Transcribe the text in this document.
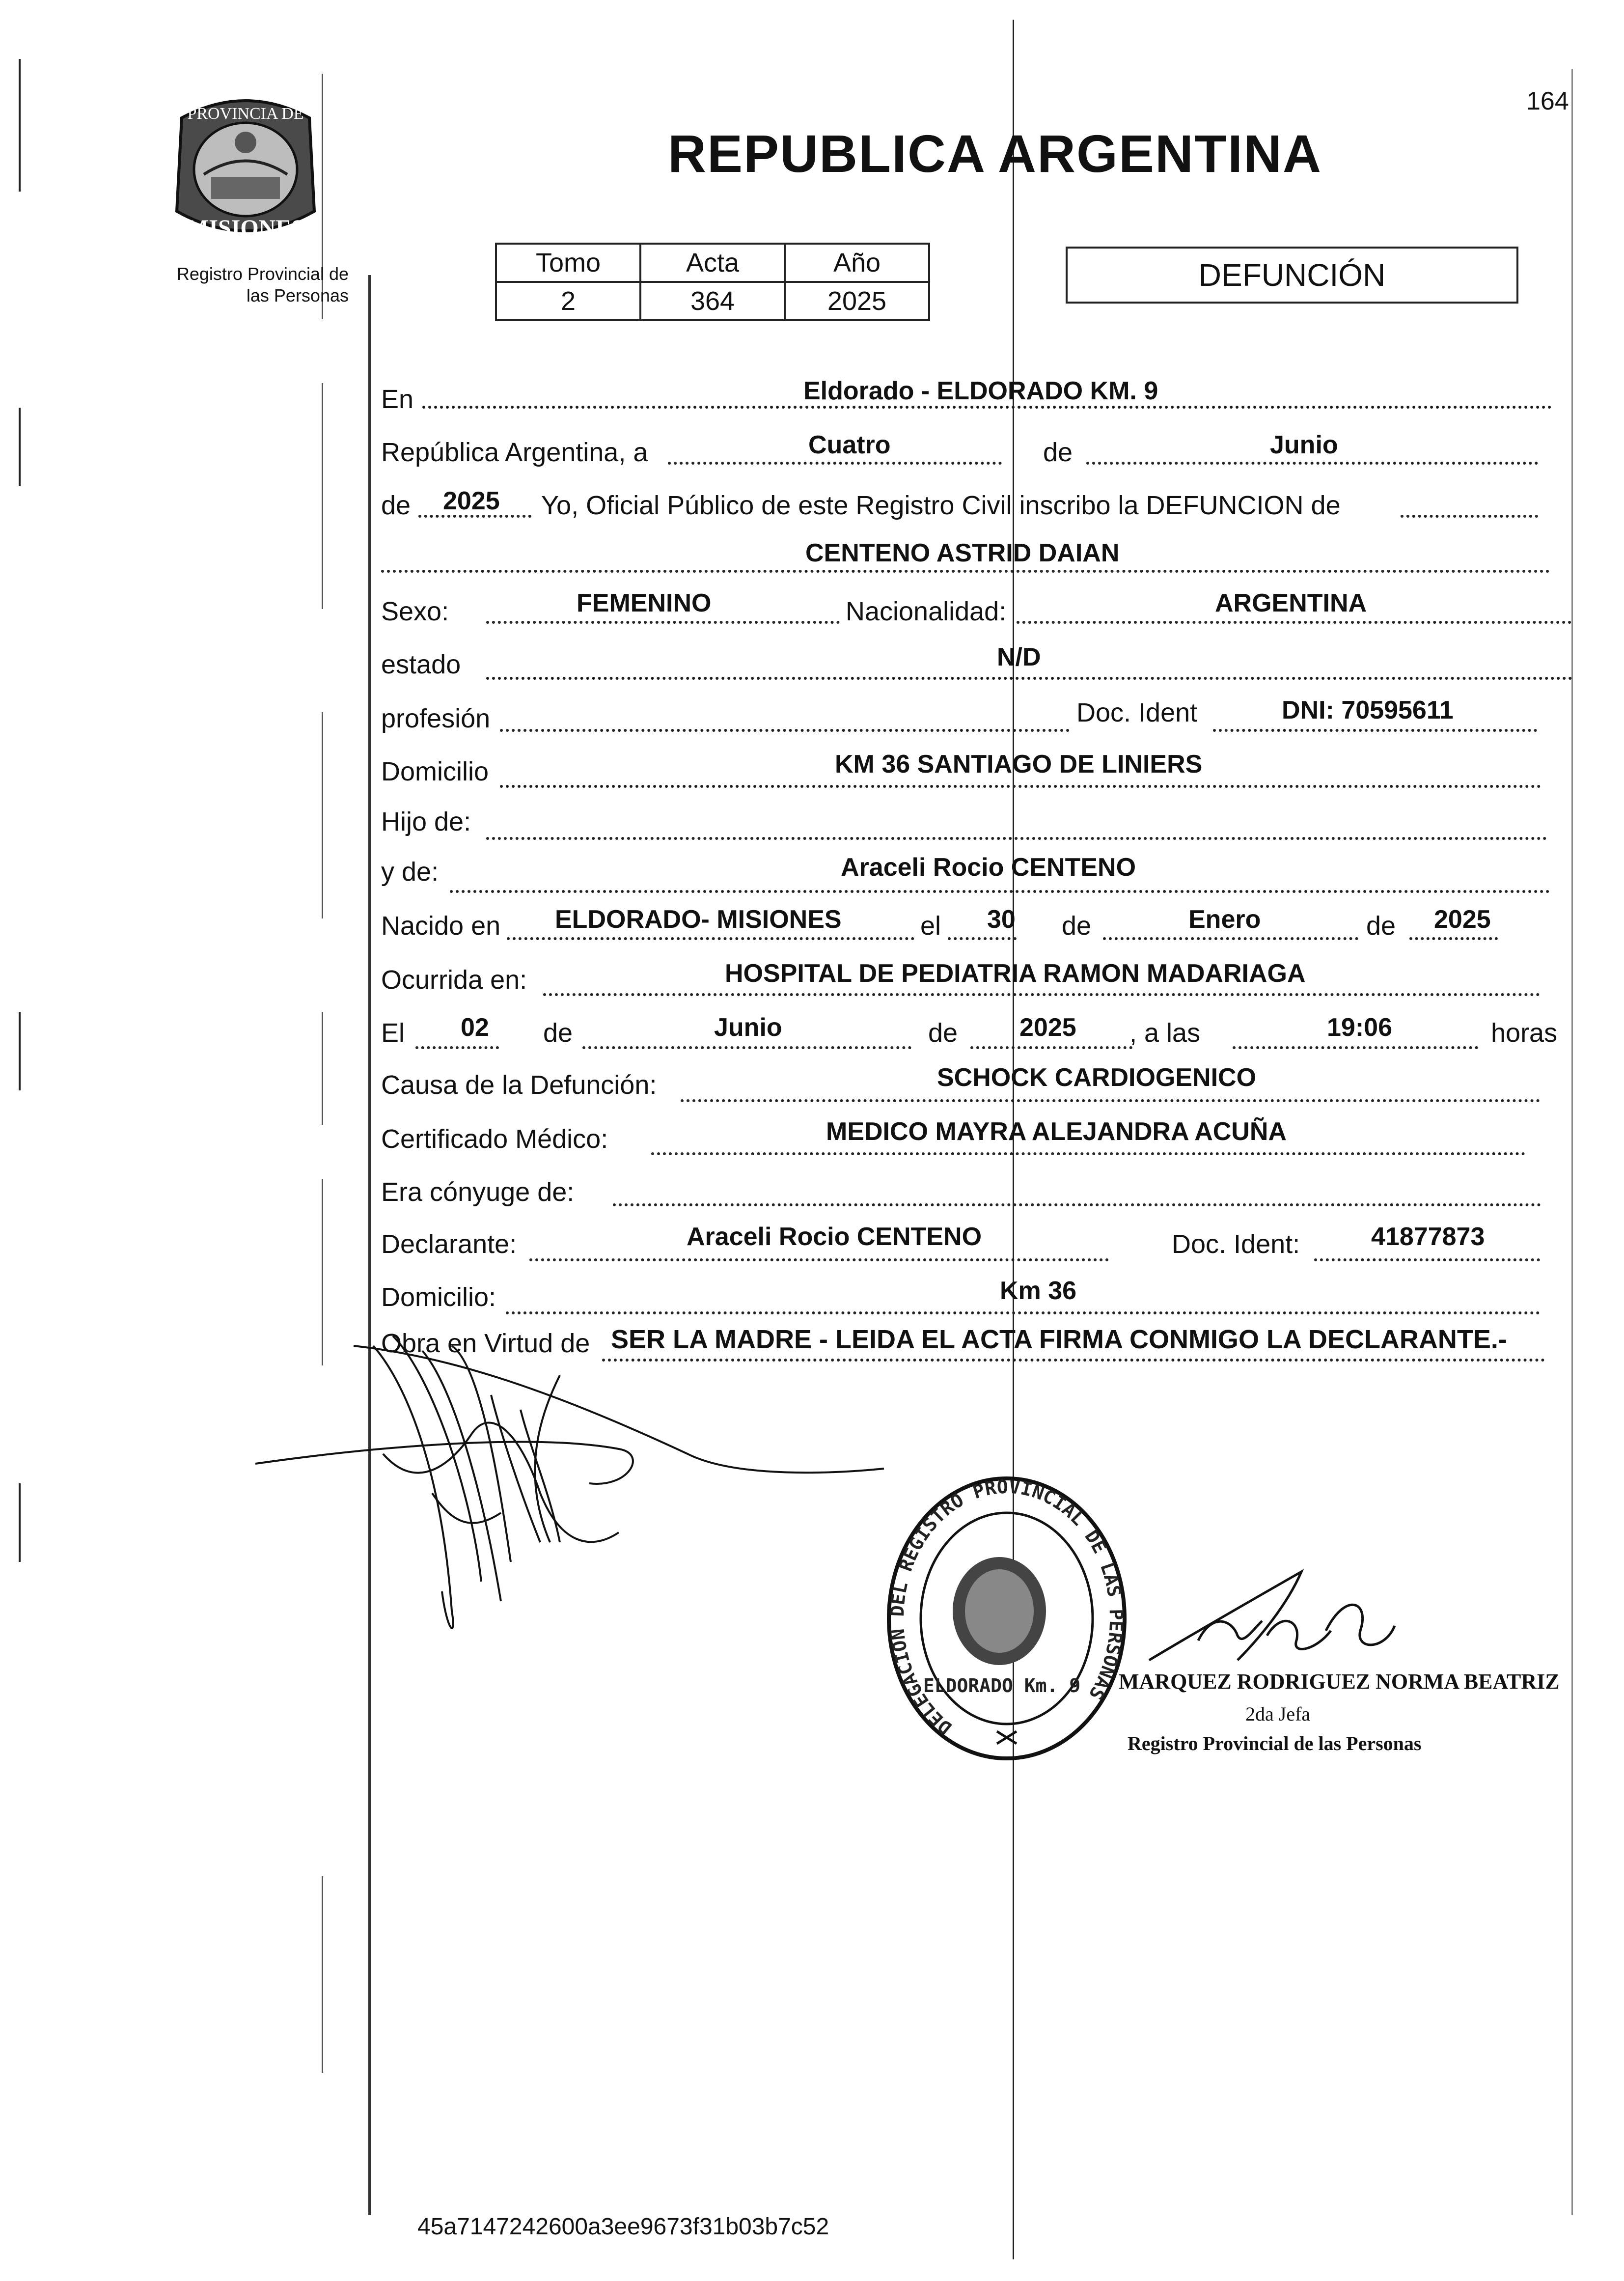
164
PROVINCIA DE
MISIONES
Registro Provincial de
las Personas
REPUBLICA ARGENTINA
Tomo	Acta	Año
2	364	2025
DEFUNCIÓN
En	Eldorado - ELDORADO KM. 9
República Argentina, a	Cuatro	de	Junio
de 2025 Yo, Oficial Público de este Registro Civil inscribo la DEFUNCION de
CENTENO ASTRID DAIAN
Sexo:	FEMENINO	Nacionalidad:	ARGENTINA
estado	N/D
profesión	Doc. Ident	DNI: 70595611
Domicilio	KM 36 SANTIAGO DE LINIERS
Hijo de:
y de:	Araceli Rocio CENTENO
Nacido en ELDORADO- MISIONES	el 30 de	Enero	de 2025
Ocurrida en:	HOSPITAL DE PEDIATRIA RAMON MADARIAGA
El 02 de	Junio	de 2025 , a las	19:06	horas
Causa de la Defunción:	SCHOCK CARDIOGENICO
Certificado Médico:	MEDICO MAYRA ALEJANDRA ACUÑA
Era cónyuge de:
Declarante:	Araceli Rocio CENTENO	Doc. Ident:	41877873
Domicilio:	Km 36
Obra en Virtud de SER LA MADRE - LEIDA EL ACTA FIRMA CONMIGO LA DECLARANTE.-
DELEGACION DEL REGISTRO PROVINCIAL DE LAS PERSONAS
ELDORADO Km. 9 MARQUEZ RODRIGUEZ NORMA BEATRIZ
2da Jefa
Registro Provincial de las Personas
45a7147242600a3ee9673f31b03b7c52
